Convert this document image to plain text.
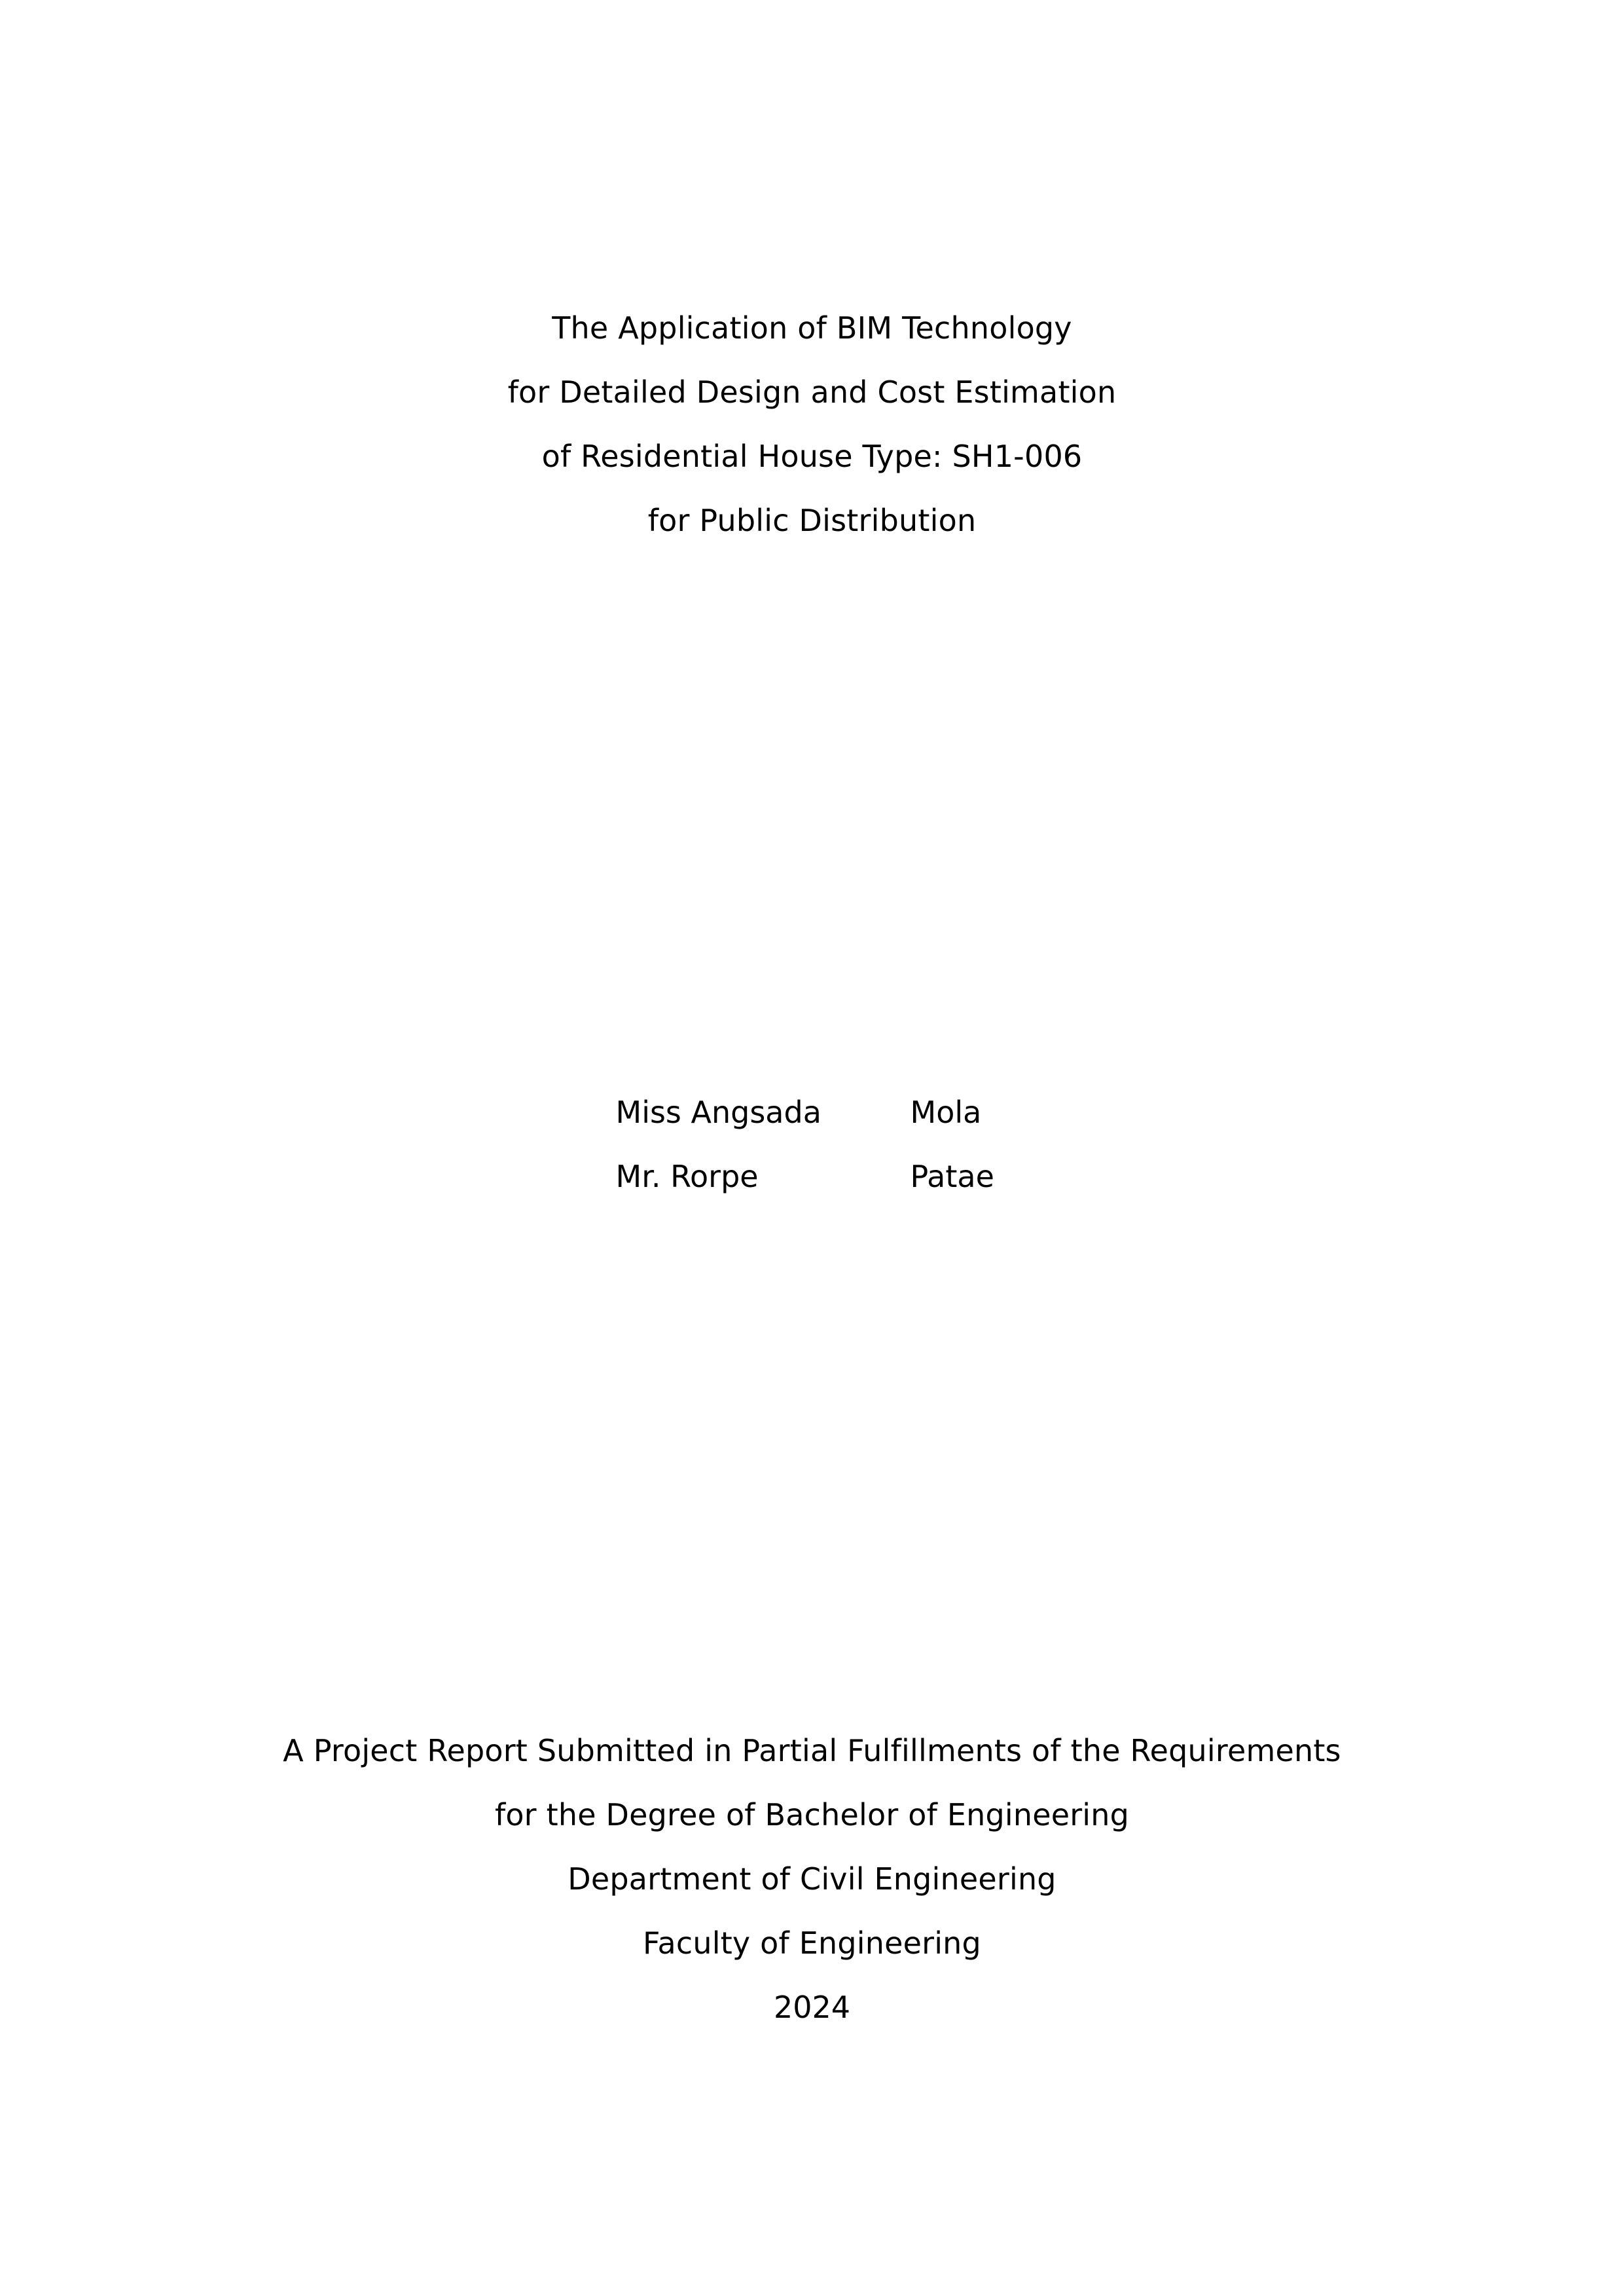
The Application of BIM Technology
for Detailed Design and Cost Estimation
of Residential House Type: SH1-006
for Public Distribution
Miss Angsada	Mola
Mr. Rorpe	Patae
A Project Report Submitted in Partial Fulfillments of the Requirements
for the Degree of Bachelor of Engineering
Department of Civil Engineering
Faculty of Engineering
2024
